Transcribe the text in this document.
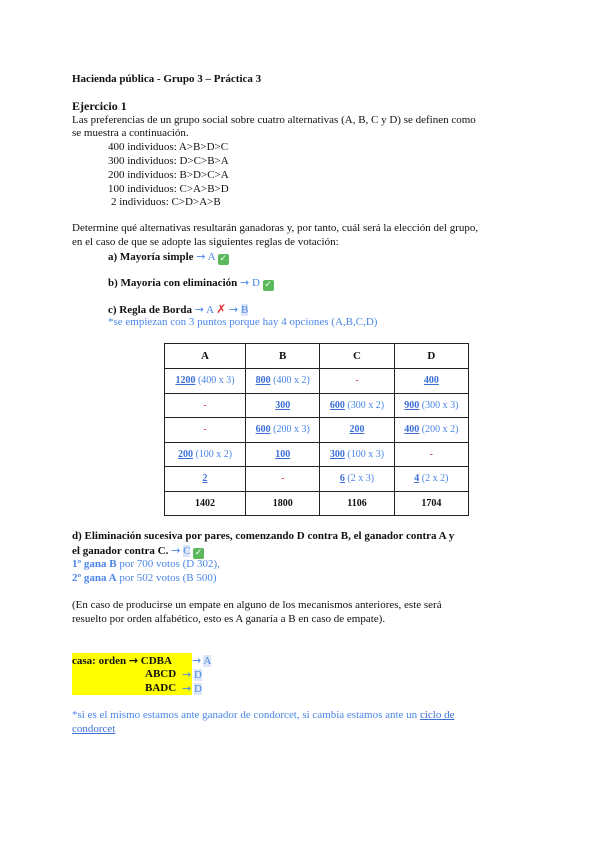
Hacienda pública - Grupo 3 – Práctica 3
Ejercicio 1
Las preferencias de un grupo social sobre cuatro alternativas (A, B, C y D) se definen como
se muestra a continuación.
400 individuos: A>B>D>C
300 individuos: D>C>B>A
200 individuos: B>D>C>A
100 individuos: C>A>B>D
2 individuos: C>D>A>B
Determine qué alternativas resultarán ganadoras y, por tanto, cuál será la elección del grupo,
en el caso de que se adopte las siguientes reglas de votación:
a) Mayoría simple → A ✓
b) Mayoría con eliminación → D ✓
c) Regla de Borda → A ✗ → B
*se empiezan con 3 puntos porque hay 4 opciones (A,B,C,D)
A	B	C	D
1200 (400 x 3)	800 (400 x 2)	-	400
-	300	600 (300 x 2)	900 (300 x 3)
-	600 (200 x 3)	200	400 (200 x 2)
200 (100 x 2)	100	300 (100 x 3)	-
2	-	6 (2 x 3)	4 (2 x 2)
1402	1800	1106	1704
d) Eliminación sucesiva por pares, comenzando D contra B, el ganador contra A y
el ganador contra C. → C ✓
1º gana B por 700 votos (D 302),
2º gana A por 502 votos (B 500)
(En caso de producirse un empate en alguno de los mecanismos anteriores, este será
resuelto por orden alfabético, esto es A ganaría a B en caso de empate).
casa: orden → CDBA → A
ABCD → D
BADC → D
*si es el mismo estamos ante ganador de condorcet, si cambia estamos ante un ciclo de
condorcet
